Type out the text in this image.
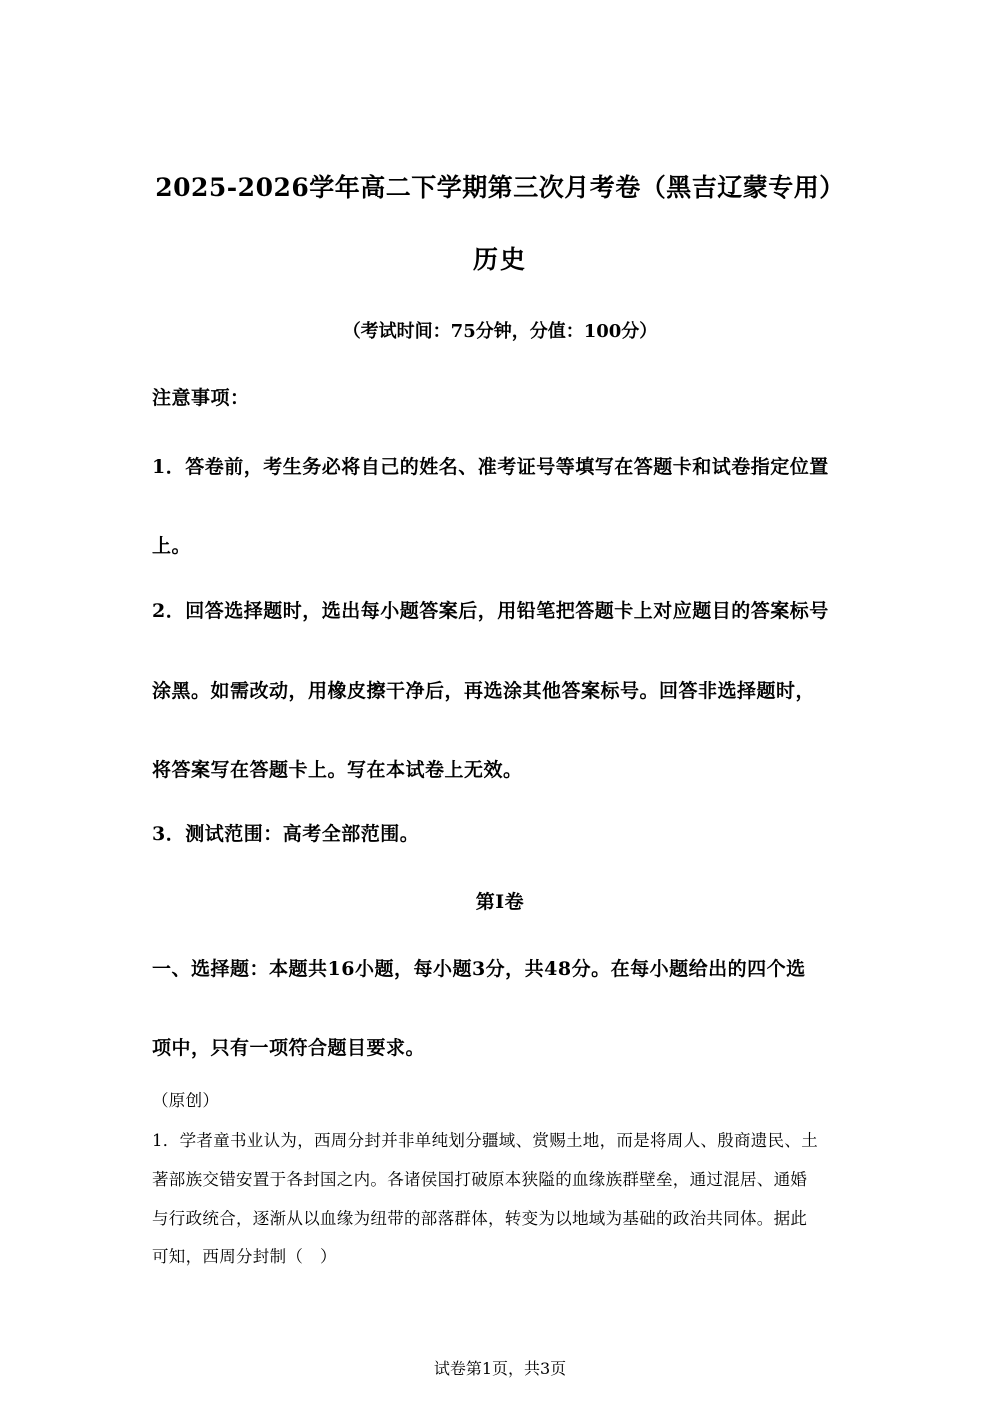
2025-2026学年高二下学期第三次月考卷（黑吉辽蒙专用）
历史
（考试时间：75分钟，分值：100分）
注意事项：
1．答卷前，考生务必将自己的姓名、准考证号等填写在答题卡和试卷指定位置
上。
2．回答选择题时，选出每小题答案后，用铅笔把答题卡上对应题目的答案标号
涂黑。如需改动，用橡皮擦干净后，再选涂其他答案标号。回答非选择题时，
将答案写在答题卡上。写在本试卷上无效。
3．测试范围：高考全部范围。
第Ⅰ卷
一、选择题：本题共16小题，每小题3分，共48分。在每小题给出的四个选
项中，只有一项符合题目要求。
（原创）
1．学者童书业认为，西周分封并非单纯划分疆域、赏赐土地，而是将周人、殷商遗民、土
著部族交错安置于各封国之内。各诸侯国打破原本狭隘的血缘族群壁垒，通过混居、通婚
与行政统合，逐渐从以血缘为纽带的部落群体，转变为以地域为基础的政治共同体。据此
可知，西周分封制（　）
试卷第1页，共3页
